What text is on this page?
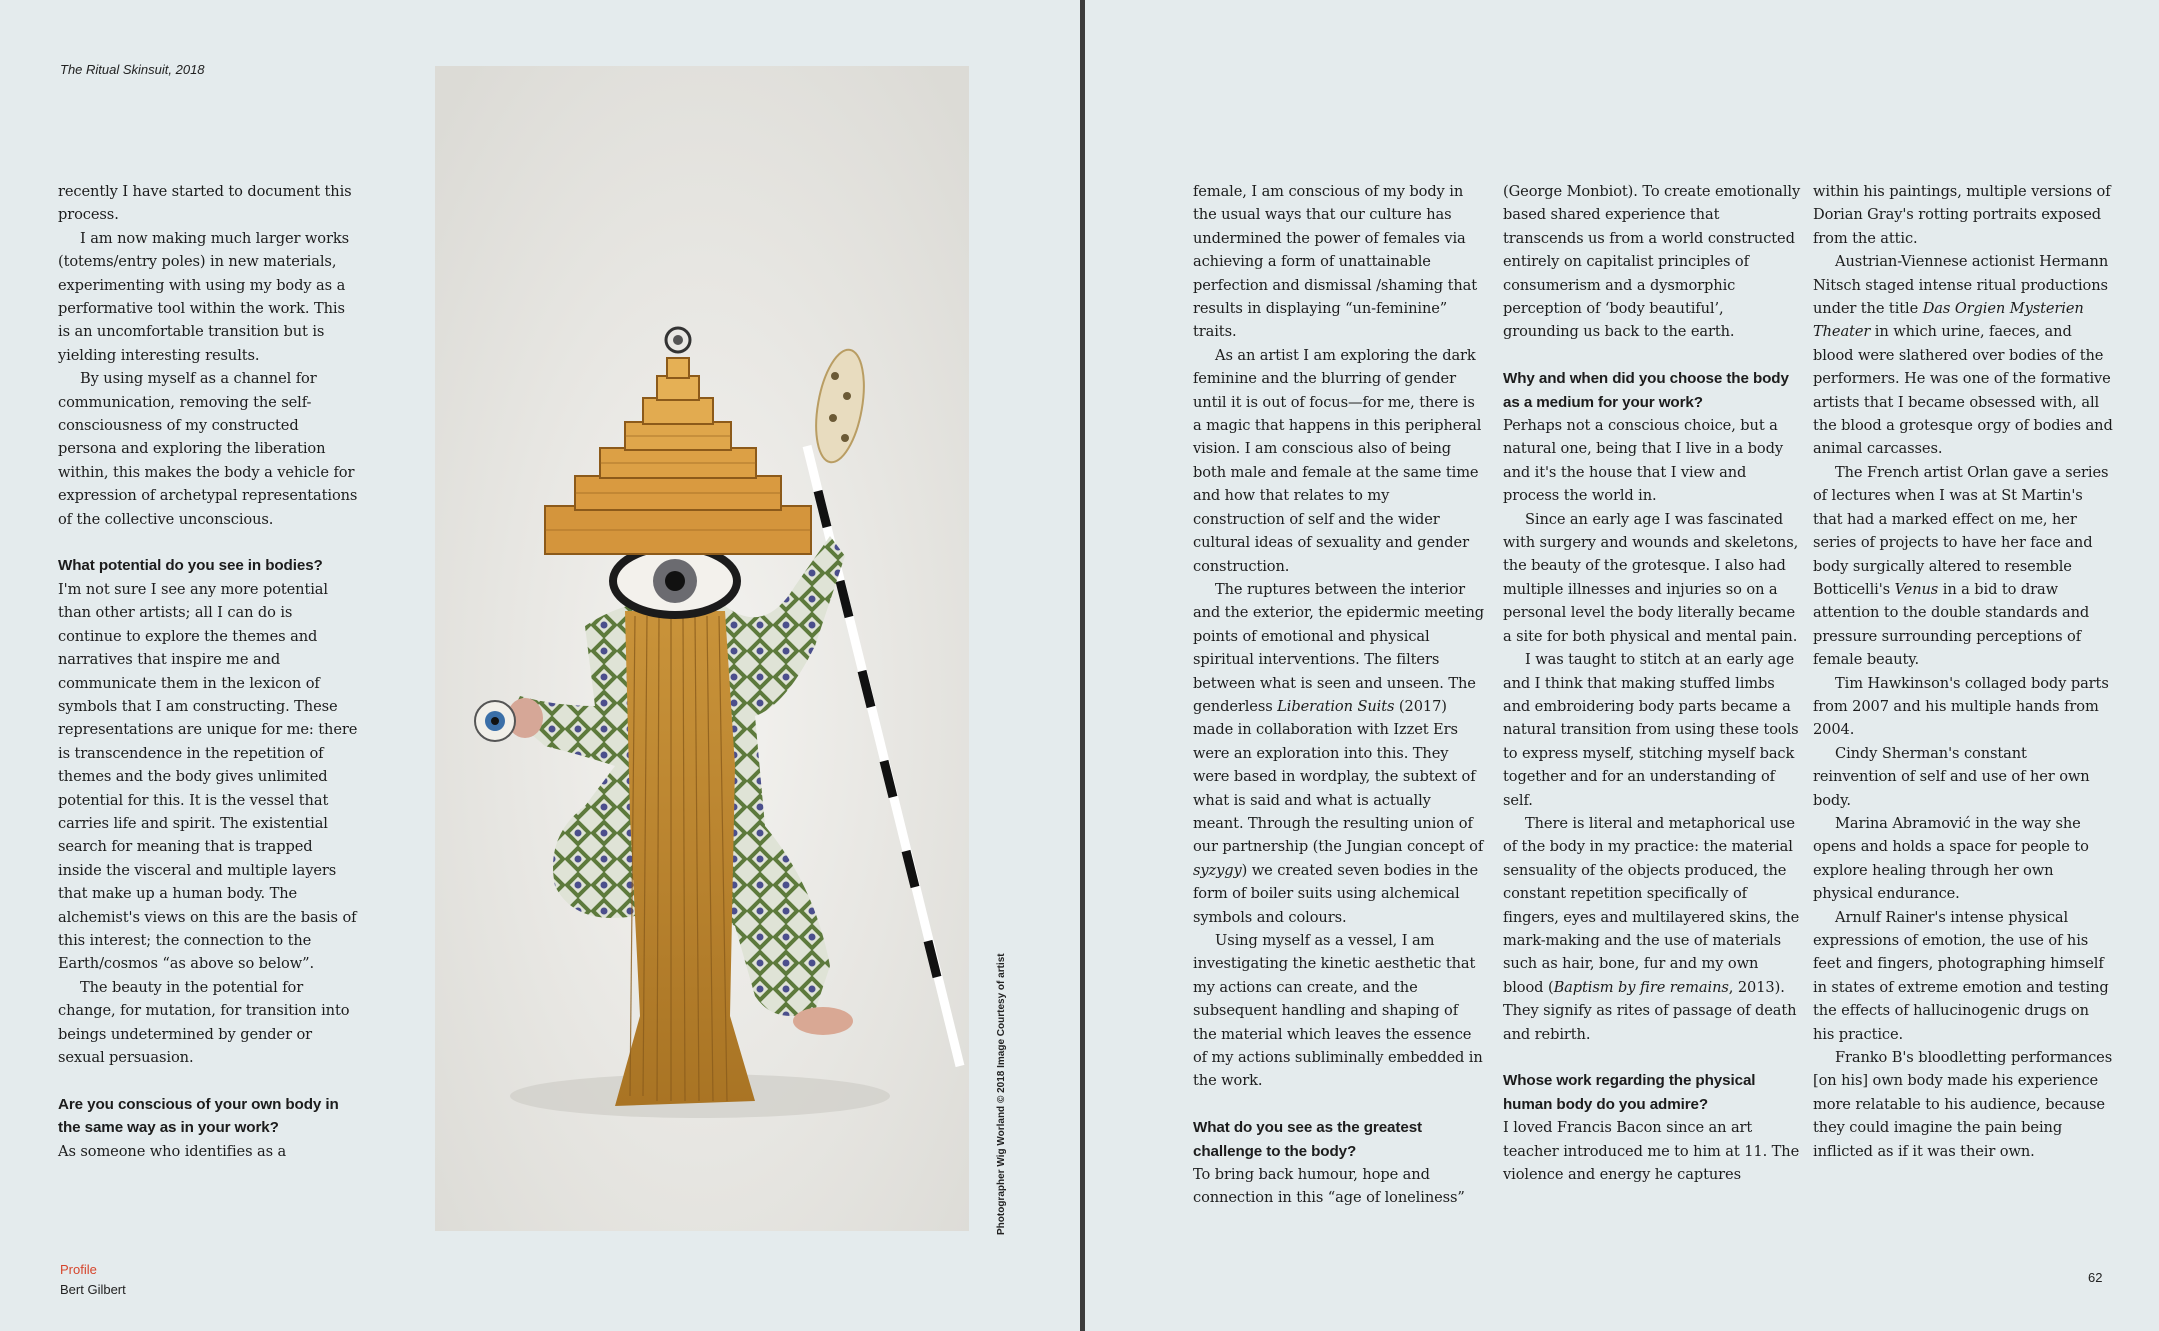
The Ritual Skinsuit, 2018

recently I have started to document this process.

I am now making much larger works (totems/entry poles) in new materials, experimenting with using my body as a performative tool within the work. This is an uncomfortable transition but is yielding interesting results.

By using myself as a channel for communication, removing the self-consciousness of my constructed persona and exploring the liberation within, this makes the body a vehicle for expression of archetypal representations of the collective unconscious.

What potential do you see in bodies?

I'm not sure I see any more potential than other artists; all I can do is continue to explore the themes and narratives that inspire me and communicate them in the lexicon of symbols that I am constructing. These representations are unique for me: there is transcendence in the repetition of themes and the body gives unlimited potential for this. It is the vessel that carries life and spirit. The existential search for meaning that is trapped inside the visceral and multiple layers that make up a human body. The alchemist's views on this are the basis of this interest; the connection to the Earth/cosmos “as above so below”.

The beauty in the potential for change, for mutation, for transition into beings undetermined by gender or sexual persuasion.

Are you conscious of your own body in the same way as in your work?

As someone who identifies as a	Photographer Wig Worland © 2018 Image Courtesy of artist
Profile
Bert Gilbert

female, I am conscious of my body in the usual ways that our culture has undermined the power of females via achieving a form of unattainable perfection and dismissal /shaming that results in displaying “un-feminine” traits.

As an artist I am exploring the dark feminine and the blurring of gender until it is out of focus—for me, there is a magic that happens in this peripheral vision. I am conscious also of being both male and female at the same time and how that relates to my construction of self and the wider cultural ideas of sexuality and gender construction.

The ruptures between the interior and the exterior, the epidermic meeting points of emotional and physical spiritual interventions. The filters between what is seen and unseen. The genderless Liberation Suits (2017) made in collaboration with Izzet Ers were an exploration into this. They were based in wordplay, the subtext of what is said and what is actually meant. Through the resulting union of our partnership (the Jungian concept of syzygy) we created seven bodies in the form of boiler suits using alchemical symbols and colours.

Using myself as a vessel, I am investigating the kinetic aesthetic that my actions can create, and the subsequent handling and shaping of the material which leaves the essence of my actions subliminally embedded in the work.

What do you see as the greatest challenge to the body?

To bring back humour, hope and connection in this “age of loneliness”

(George Monbiot). To create emotionally based shared experience that transcends us from a world constructed entirely on capitalist principles of consumerism and a dysmorphic perception of ‘body beautiful’, grounding us back to the earth.

Why and when did you choose the body as a medium for your work?

Perhaps not a conscious choice, but a natural one, being that I live in a body and it's the house that I view and process the world in.

Since an early age I was fascinated with surgery and wounds and skeletons, the beauty of the grotesque. I also had multiple illnesses and injuries so on a personal level the body literally became a site for both physical and mental pain.

I was taught to stitch at an early age and I think that making stuffed limbs and embroidering body parts became a natural transition from using these tools to express myself, stitching myself back together and for an understanding of self.

There is literal and metaphorical use of the body in my practice: the material sensuality of the objects produced, the constant repetition specifically of fingers, eyes and multilayered skins, the mark-making and the use of materials such as hair, bone, fur and my own blood (Baptism by fire remains, 2013). They signify as rites of passage of death and rebirth.

Whose work regarding the physical human body do you admire?

I loved Francis Bacon since an art teacher introduced me to him at 11. The violence and energy he captures

within his paintings, multiple versions of Dorian Gray's rotting portraits exposed from the attic.

Austrian-Viennese actionist Hermann Nitsch staged intense ritual productions under the title Das Orgien Mysterien Theater in which urine, faeces, and blood were slathered over bodies of the performers. He was one of the formative artists that I became obsessed with, all the blood a grotesque orgy of bodies and animal carcasses.

The French artist Orlan gave a series of lectures when I was at St Martin's that had a marked effect on me, her series of projects to have her face and body surgically altered to resemble Botticelli's Venus in a bid to draw attention to the double standards and pressure surrounding perceptions of female beauty.

Tim Hawkinson's collaged body parts from 2007 and his multiple hands from 2004.

Cindy Sherman's constant reinvention of self and use of her own body.

Marina Abramović in the way she opens and holds a space for people to explore healing through her own physical endurance.

Arnulf Rainer's intense physical expressions of emotion, the use of his feet and fingers, photographing himself in states of extreme emotion and testing the effects of hallucinogenic drugs on his practice.

Franko B's bloodletting performances [on his] own body made his experience more relatable to his audience, because they could imagine the pain being inflicted as if it was their own.

62
